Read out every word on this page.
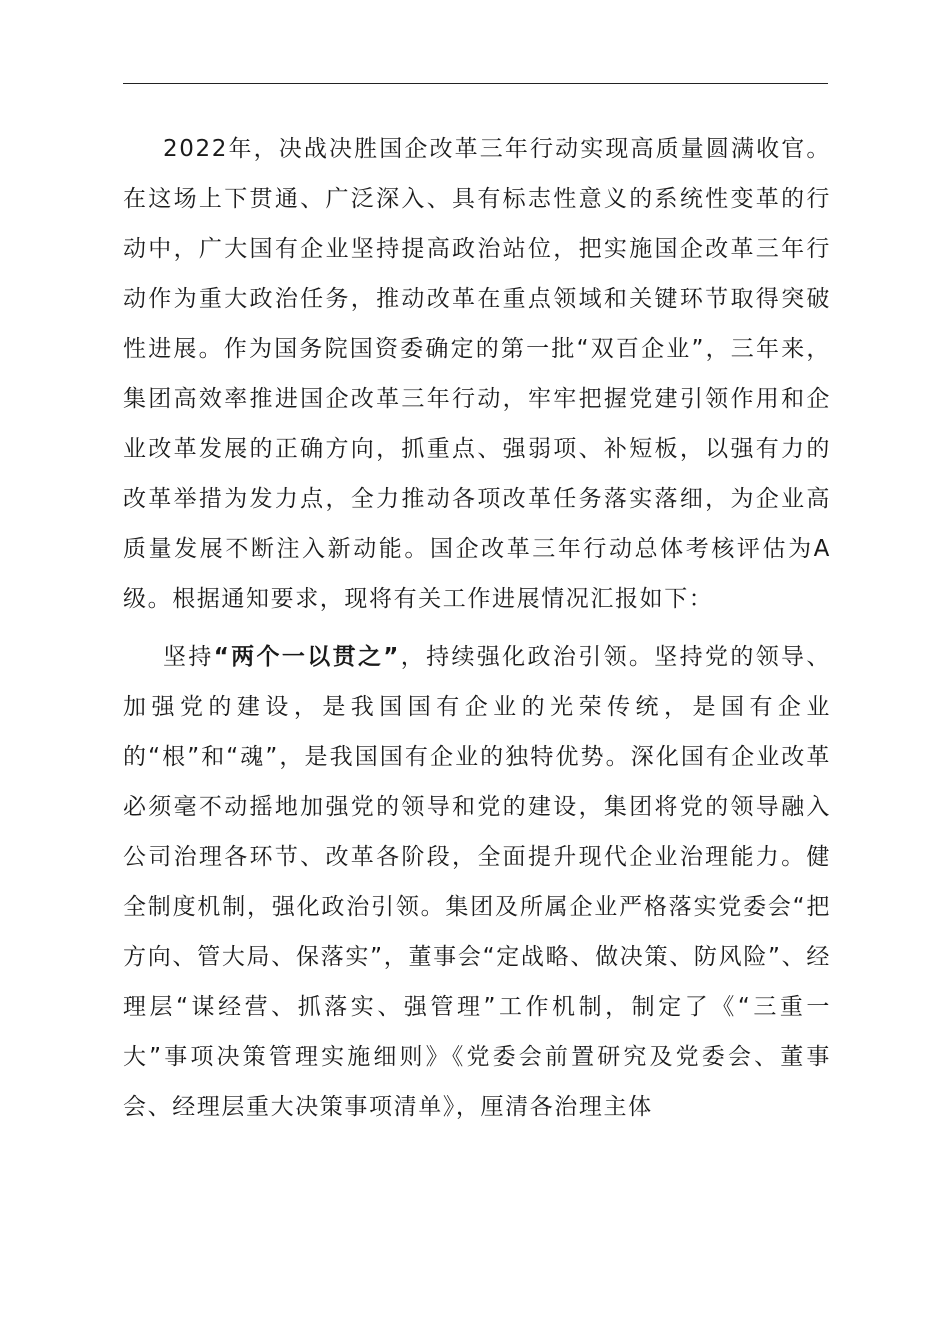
2022年，决战决胜国企改革三年行动实现高质量圆满收官。在这场上下贯通、广泛深入、具有标志性意义的系统性变革的行动中，广大国有企业坚持提高政治站位，把实施国企改革三年行动作为重大政治任务，推动改革在重点领域和关键环节取得突破性进展。作为国务院国资委确定的第一批“双百企业”，三年来，集团高效率推进国企改革三年行动，牢牢把握党建引领作用和企业改革发展的正确方向，抓重点、强弱项、补短板，以强有力的改革举措为发力点，全力推动各项改革任务落实落细，为企业高质量发展不断注入新动能。国企改革三年行动总体考核评估为A级。根据通知要求，现将有关工作进展情况汇报如下：

坚持“两个一以贯之”，持续强化政治引领。坚持党的领导、加强党的建设，是我国国有企业的光荣传统，是国有企业的“根”和“魂”，是我国国有企业的独特优势。深化国有企业改革必须毫不动摇地加强党的领导和党的建设，集团将党的领导融入公司治理各环节、改革各阶段，全面提升现代企业治理能力。健全制度机制，强化政治引领。集团及所属企业严格落实党委会“把方向、管大局、保落实”，董事会“定战略、做决策、防风险”、经理层“谋经营、抓落实、强管理”工作机制，制定了《“三重一大”事项决策管理实施细则》《党委会前置研究及党委会、董事会、经理层重大决策事项清单》，厘清各治理主体
